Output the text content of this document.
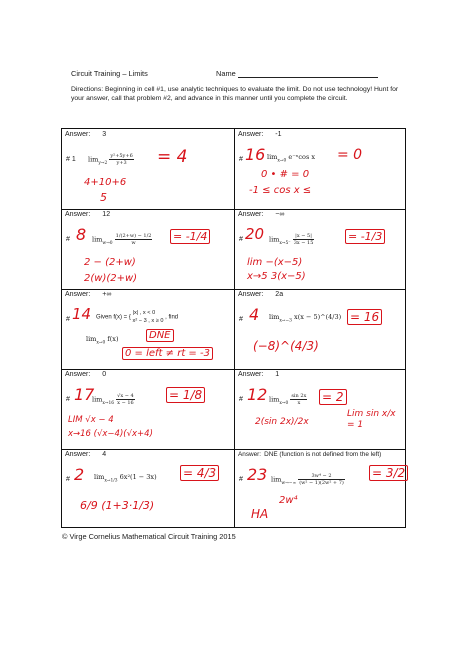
Circuit Training – Limits	Name
Directions: Beginning in cell #1, use analytic techniques to evaluate the limit. Do not use technology! Hunt for your answer, call that problem #2, and advance in this manner until you complete the circuit.
Answer: 3
# 1 $\lim_{y\to 2} \frac{\text{y²+5y+6}}{y+3} = 4$
4+10+6
5
Answer: -1
# 16 $\lim_{x\to 0}$ e⁻ˣcos x = 0
0 • # = 0
-1 ≤ cos x ≤
Answer: 12
# 8 $\lim_{w\to 0} \frac{1/(2+w) - 1/2}{w} = -1/4$
2 − (2+w)
2(w)(2+w)
Answer: −∞
# 20 $\lim_{x\to 5^-} \frac{|x - 5|}{3x - 15}$	= -1/3
lim −(x−5)
x→5 3(x−5)
Answer: +∞
# 14 Given f(x) = {
|x| , x < 0
x² − 3 , x ≥ 0
, find
$\lim_{x\to 0} f(x)$	DNE
0 = left ≠ rt = -3
Answer: 2a
# 4 $\lim_{x\to-3} x(x$ − 5)^(4/3) = 16
(−8)^(4/3)
Answer: 0
# 17
$\lim_{x\to 16} \frac{√x - 4}{x - 16}$	= 1/8
LIM √x − 4
x→16 (√x−4)(√x+4)
Answer: 1
# 12 $\lim_{x\to 0} \frac{\sin 2x}{x} = 2$
2(sin 2x)/2x
Lim sin x/x = 1
Answer: 4
# 2 $\lim_{x\to 1/3} 6x^2(1 - 3x) = 4/3$
6/9 (1+3·1/3)
Answer: DNE (function is not defined from the left)
# 23 $\lim_{w\to-\infty} \frac{\text{3w⁴ − 2}}{\text{(w² − 1)(2w² + 7)}} = 3/2$
HA
2w⁴
© Virge Cornelius Mathematical Circuit Training 2015
